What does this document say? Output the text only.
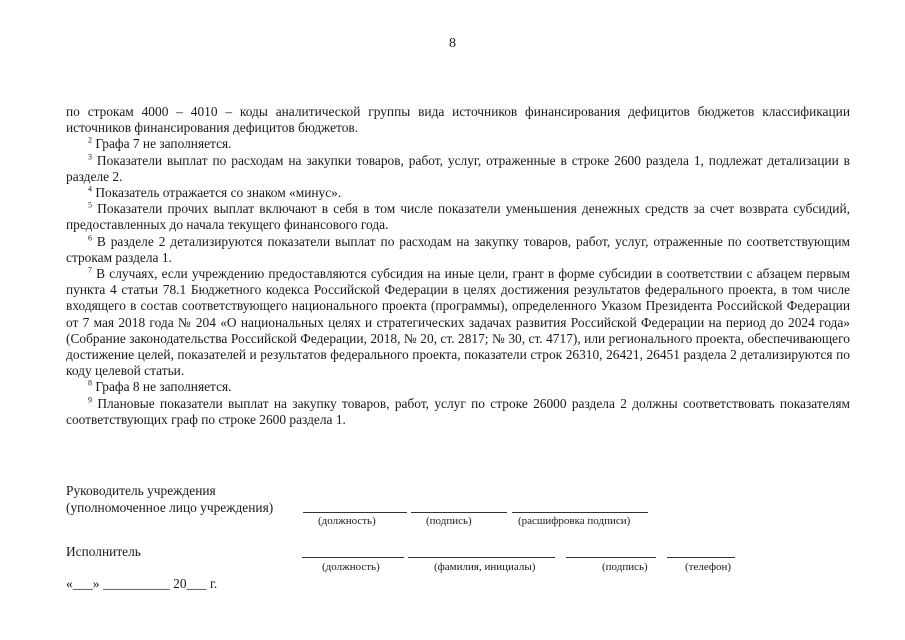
8

по строкам 4000 – 4010 – коды аналитической группы вида источников финансирования дефицитов бюджетов классификации источников финансирования дефицитов бюджетов.

$^2$ Графа 7 не заполняется.

$^3$ Показатели выплат по расходам на закупки товаров, работ, услуг, отраженные в строке 2600 раздела 1, подлежат детализации в разделе 2.

$^4$ Показатель отражается со знаком «минус».

$^5$ Показатели прочих выплат включают в себя в том числе показатели уменьшения денежных средств за счет возврата субсидий, предоставленных до начала текущего финансового года.

$^6$ В разделе 2 детализируются показатели выплат по расходам на закупку товаров, работ, услуг, отраженные по соответствующим строкам раздела 1.

$^7$ В случаях, если учреждению предоставляются субсидия на иные цели, грант в форме субсидии в соответствии с абзацем первым пункта 4 статьи 78.1 Бюджетного кодекса Российской Федерации в целях достижения результатов федерального проекта, в том числе входящего в состав соответствующего национального проекта (программы), определенного Указом Президента Российской Федерации от 7 мая 2018 года № 204 «О национальных целях и стратегических задачах развития Российской Федерации на период до 2024 года» (Собрание законодательства Российской Федерации, 2018, № 20, ст. 2817; № 30, ст. 4717), или регионального проекта, обеспечивающего достижение целей, показателей и результатов федерального проекта, показатели строк 26310, 26421, 26451 раздела 2 детализируются по коду целевой статьи.

$^8$ Графа 8 не заполняется.

$^9$ Плановые показатели выплат на закупку товаров, работ, услуг по строке 26000 раздела 2 должны соответствовать показателям соответствующих граф по строке 2600 раздела 1.

Руководитель учреждения
(уполномоченное лицо учреждения)
(должность)	(подпись)	(расшифровка подписи)
Исполнитель
(должность)	(фамилия, инициалы)	(подпись)	(телефон)
«___» __________ 20___ г.
